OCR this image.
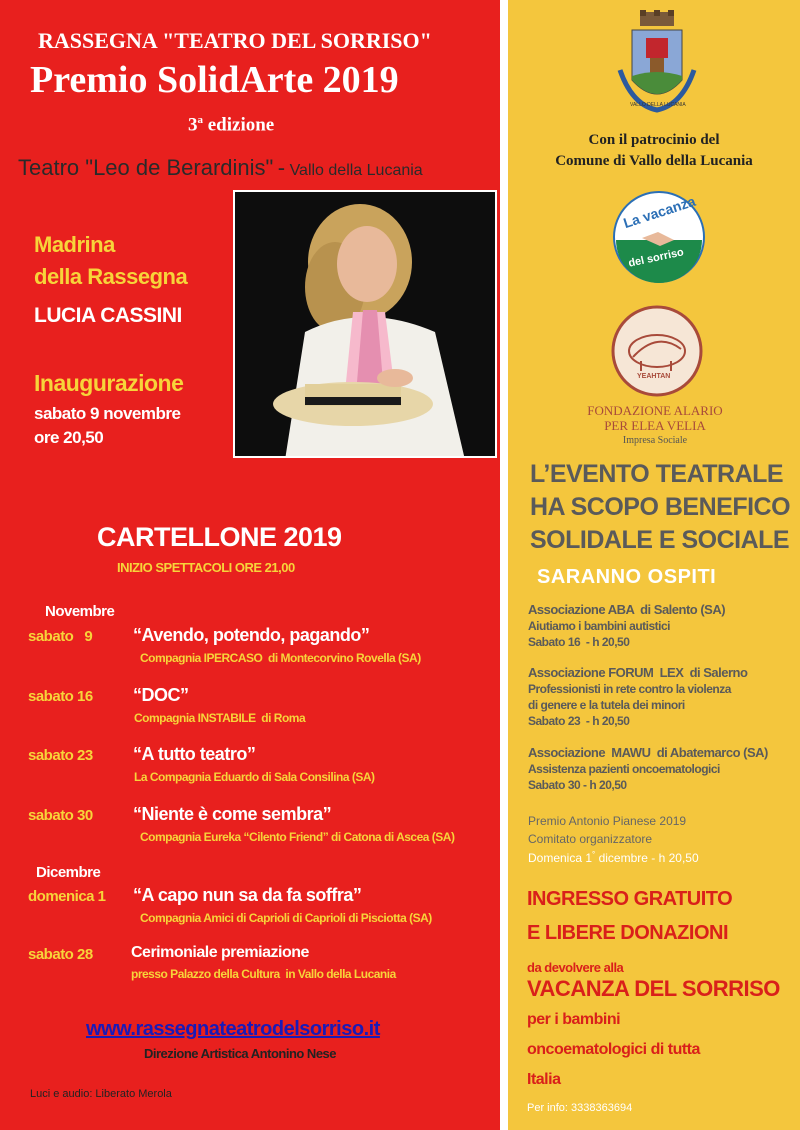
RASSEGNA "TEATRO DEL SORRISO"
Premio SolidArte 2019
3$^a$ edizione
Teatro "Leo de Berardinis" - Vallo della Lucania
Madrina
della Rassegna
LUCIA CASSINI
Inaugurazione
sabato 9 novembre
ore 20,50
CARTELLONE 2019
INIZIO SPETTACOLI ORE 21,00
Novembre
sabato   9 “Avendo, potendo, pagando”
Compagnia IPERCASO  di Montecorvino Rovella (SA)
sabato 16 “DOC”
Compagnia INSTABILE  di Roma
sabato 23 “A tutto teatro”
La Compagnia Eduardo di Sala Consilina (SA)
sabato 30 “Niente è come sembra”
Compagnia Eureka “Cilento Friend” di Catona di Ascea (SA)
Dicembre
domenica 1 “A capo nun sa da fa soffra”
Compagnia Amici di Caprioli di Caprioli di Pisciotta (SA)
sabato 28 Cerimoniale premiazione
presso Palazzo della Cultura  in Vallo della Lucania
www.rassegnateatrodelsorriso.it
Direzione Artistica Antonino Nese
Luci e audio: Liberato Merola
VALLO DELLA LUCANIA
Con il patrocinio del
Comune di Vallo della Lucania
La vacanza
del sorriso
YEAHTAN
FONDAZIONE ALARIO
PER ELEA VELIA
Impresa Sociale
L’EVENTO TEATRALE
HA SCOPO BENEFICO
SOLIDALE E SOCIALE
SARANNO OSPITI
Associazione ABA  di Salento (SA)
Aiutiamo i bambini autistici
Sabato 16  - h 20,50
Associazione FORUM  LEX  di Salerno
Professionisti in rete contro la violenza
di genere e la tutela dei minori
Sabato 23  - h 20,50
Associazione  MAWU  di Abatemarco (SA)
Assistenza pazienti oncoematologici
Sabato 30 - h 20,50
Premio Antonio Pianese 2019
Comitato organizzatore
Domenica 1° dicembre - h 20,50
INGRESSO GRATUITO
E LIBERE DONAZIONI
da devolvere alla
VACANZA DEL SORRISO
per i bambini
oncoematologici di tutta
Italia
Per info: 3338363694
